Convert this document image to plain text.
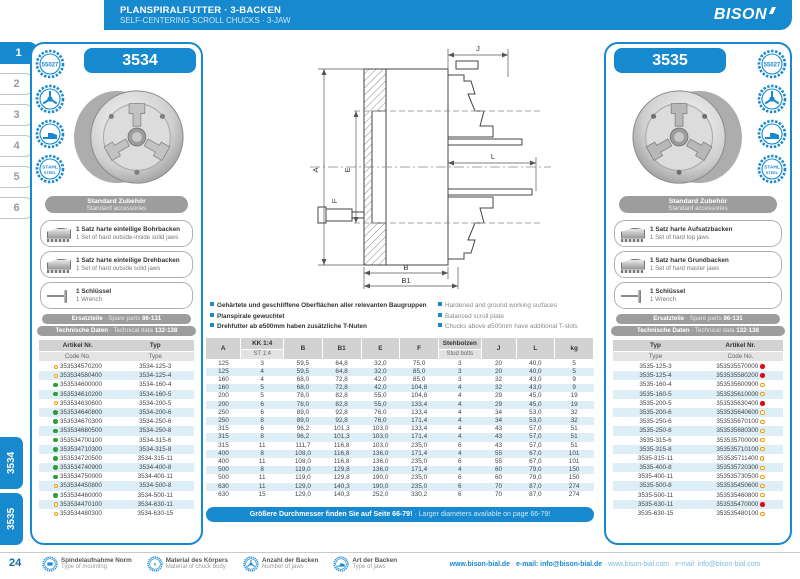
PLANSPIRALFUTTER · 3-BACKEN
SELF-CENTERING SCROLL CHUCKS · 3-JAW	BISON
1
2
3
4
5
6
3534
3535
55027
STAHL
STEEL
3534
Standard Zubehör
Standard accessories
1 Satz harte einteilige Bohrbacken
1 Set of hard outside-inside solid jaws
1 Satz harte einteilige Drehbacken
1 Set of hard outside solid jaws
1 Schlüssel
1 Wrench
Ersatzteile · Spare parts 86-131
Technische Daten · Technical data 132-138
Artikel Nr.	Typ
Code No.	Type
353534570200	3534-125-3
353534580400	3534-125-4
353534600000	3534-160-4
353534610200	3534-160-5
353534630600	3534-200-5
353534640800	3534-200-6
353534670300	3534-250-6
353534680500	3534-250-8
353534700100	3534-315-6
353534710300	3534-315-8
353534720500	3534-315-11
353534740900	3534-400-8
353534750000	3534-400-11
353534450800	3534-500-8
353534460000	3534-500-11
353534470100	3534-630-11
353534480300	3534-630-15
55027
STAHL
STEEL
3535
Standard Zubehör
Standard accessories
1 Satz harte Aufsatzbacken
1 Set of hard top jaws
1 Satz harte Grundbacken
1 Set of hard master jaws
1 Schlüssel
1 Wrench
Ersatzteile · Spare parts 86-131
Technische Daten · Technical data 132-138
Typ	Artikel Nr.
Type	Code No.
3535-125-3	353535570000
3535-125-4	353535580200
3535-160-4	353535600900
3535-160-5	353535610000
3535-200-5	353535630400
3535-200-6	353535640600
3535-250-6	353535670100
3535-250-8	353535680300
3535-315-6	353535700000
3535-315-8	353535710100
3535-315-11	353535711400
3535-400-8	353535720300
3535-400-11	353535730500
3535-500-8	353535450600
3535-500-11	353535460800
3535-630-11	353535470000
3535-630-15	353535480100
A	E
F
J
L
B
B1
Gehärtete und geschliffene Oberflächen aller relevanten Baugruppen
Planspirale gewuchtet
Drehfutter ab ø500mm haben zusätzliche T-Nuten
Hardened and ground working surfaces
Balanced scroll plate
Chucks above ø500mm have additional T-slots
A	KK 1:4	B	B1	E	F	Stehbolzen	J	L	kg
	ST 1:4					Stud bolts			
125	3	59,5	64,8	32,0	75,0	3	20	40,0	5
125	4	59,5	64,8	32,0	85,0	3	20	40,0	5
160	4	68,0	72,8	42,0	85,0	3	32	43,0	9
160	5	68,0	72,8	42,0	104,8	4	32	43,0	9
200	5	78,0	82,8	55,0	104,8	4	29	45,0	19
200	6	78,0	82,8	55,0	133,4	4	29	45,0	19
250	6	89,0	92,8	76,0	133,4	4	34	53,0	32
250	8	89,0	92,8	76,0	171,4	4	34	53,0	32
315	6	96,2	101,3	103,0	133,4	4	43	57,0	51
315	8	96,2	101,3	103,0	171,4	4	43	57,0	51
315	11	111,7	116,8	103,0	235,0	6	43	57,0	51
400	8	108,0	116,8	136,0	171,4	4	55	67,0	101
400	11	108,0	116,8	136,0	235,0	6	55	67,0	101
500	8	119,0	129,8	136,0	171,4	4	60	79,0	150
500	11	119,0	129,8	190,0	235,0	6	60	79,0	150
630	11	129,0	140,3	190,0	235,0	6	70	87,0	274
630	15	129,0	140,3	252,0	330,2	6	70	87,0	274
Größere Durchmesser finden Sie auf Seite 66-79! · Larger diameters available on page 66-79!
24	Spindelaufnahme Norm
Type of mounting	S
Material des Körpers
Material of chuck body
Anzahl der Backen
Number of jaws
Art der Backen
Type of jaws	www.bison-bial.de · e-mail: info@bison-bial.de · www.bison-bial.com · e-mail: info@bison-bial.com
